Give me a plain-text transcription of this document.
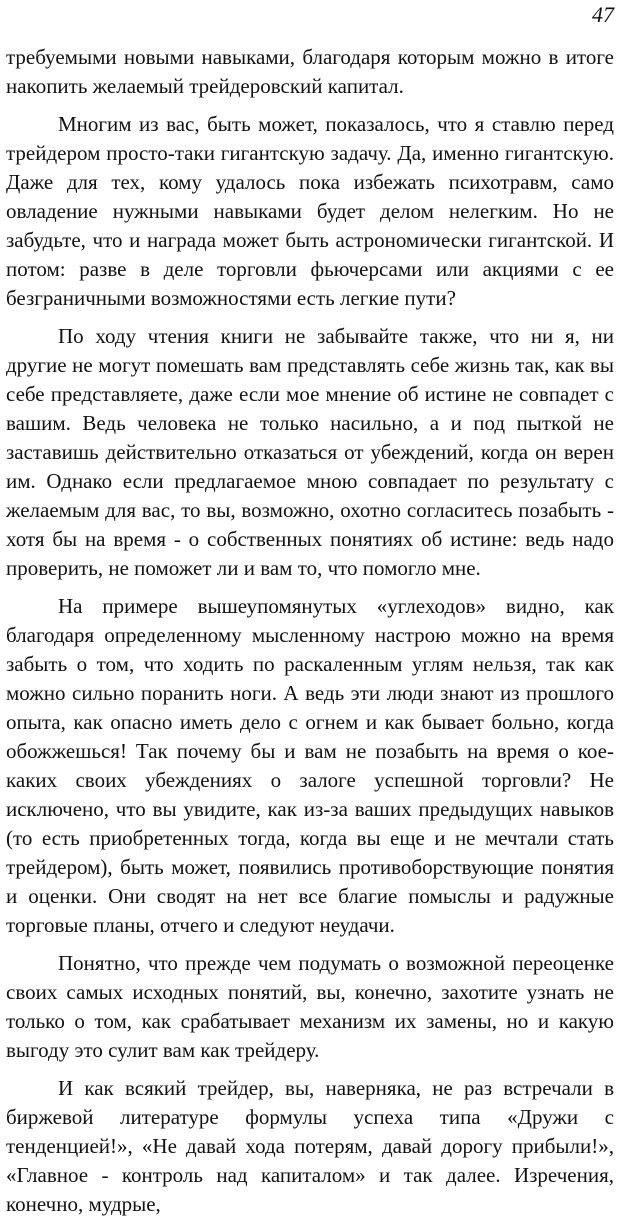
47

требуемыми новыми навыками, благодаря которым можно в итоге накопить желаемый трейдеровский капитал.

Многим из вас, быть может, показалось, что я ставлю перед трейдером просто-таки гигантскую задачу. Да, именно гигантскую. Даже для тех, кому удалось пока избежать психотравм, само овладение нужными навыками будет делом нелегким. Но не забудьте, что и награда может быть астрономически гигантской. И потом: разве в деле торговли фьючерсами или акциями с ее безграничными возможностями есть легкие пути?

По ходу чтения книги не забывайте также, что ни я, ни другие не могут помешать вам представлять себе жизнь так, как вы себе представляете, даже если мое мнение об истине не совпадет с вашим. Ведь человека не только насильно, а и под пыткой не заставишь действительно отказаться от убеждений, когда он верен им. Однако если предлагаемое мною совпадает по результату с желаемым для вас, то вы, возможно, охотно согласитесь позабыть - хотя бы на время - о собственных понятиях об истине: ведь надо проверить, не поможет ли и вам то, что помогло мне.

На примере вышеупомянутых «углеходов» видно, как благодаря определенному мысленному настрою можно на время забыть о том, что ходить по раскаленным углям нельзя, так как можно сильно поранить ноги. А ведь эти люди знают из прошлого опыта, как опасно иметь дело с огнем и как бывает больно, когда обожжешься! Так почему бы и вам не позабыть на время о кое-каких своих убеждениях о залоге успешной торговли? Не исключено, что вы увидите, как из-за ваших предыдущих навыков (то есть приобретенных тогда, когда вы еще и не мечтали стать трейдером), быть может, появились противоборствующие понятия и оценки. Они сводят на нет все благие помыслы и радужные торговые планы, отчего и следуют неудачи.

Понятно, что прежде чем подумать о возможной переоценке своих самых исходных понятий, вы, конечно, захотите узнать не только о том, как срабатывает механизм их замены, но и какую выгоду это сулит вам как трейдеру.

И как всякий трейдер, вы, наверняка, не раз встречали в биржевой литературе формулы успеха типа «Дружи с тенденцией!», «Не давай хода потерям, давай дорогу прибыли!», «Главное - контроль над капиталом» и так далее. Изречения, конечно, мудрые,
